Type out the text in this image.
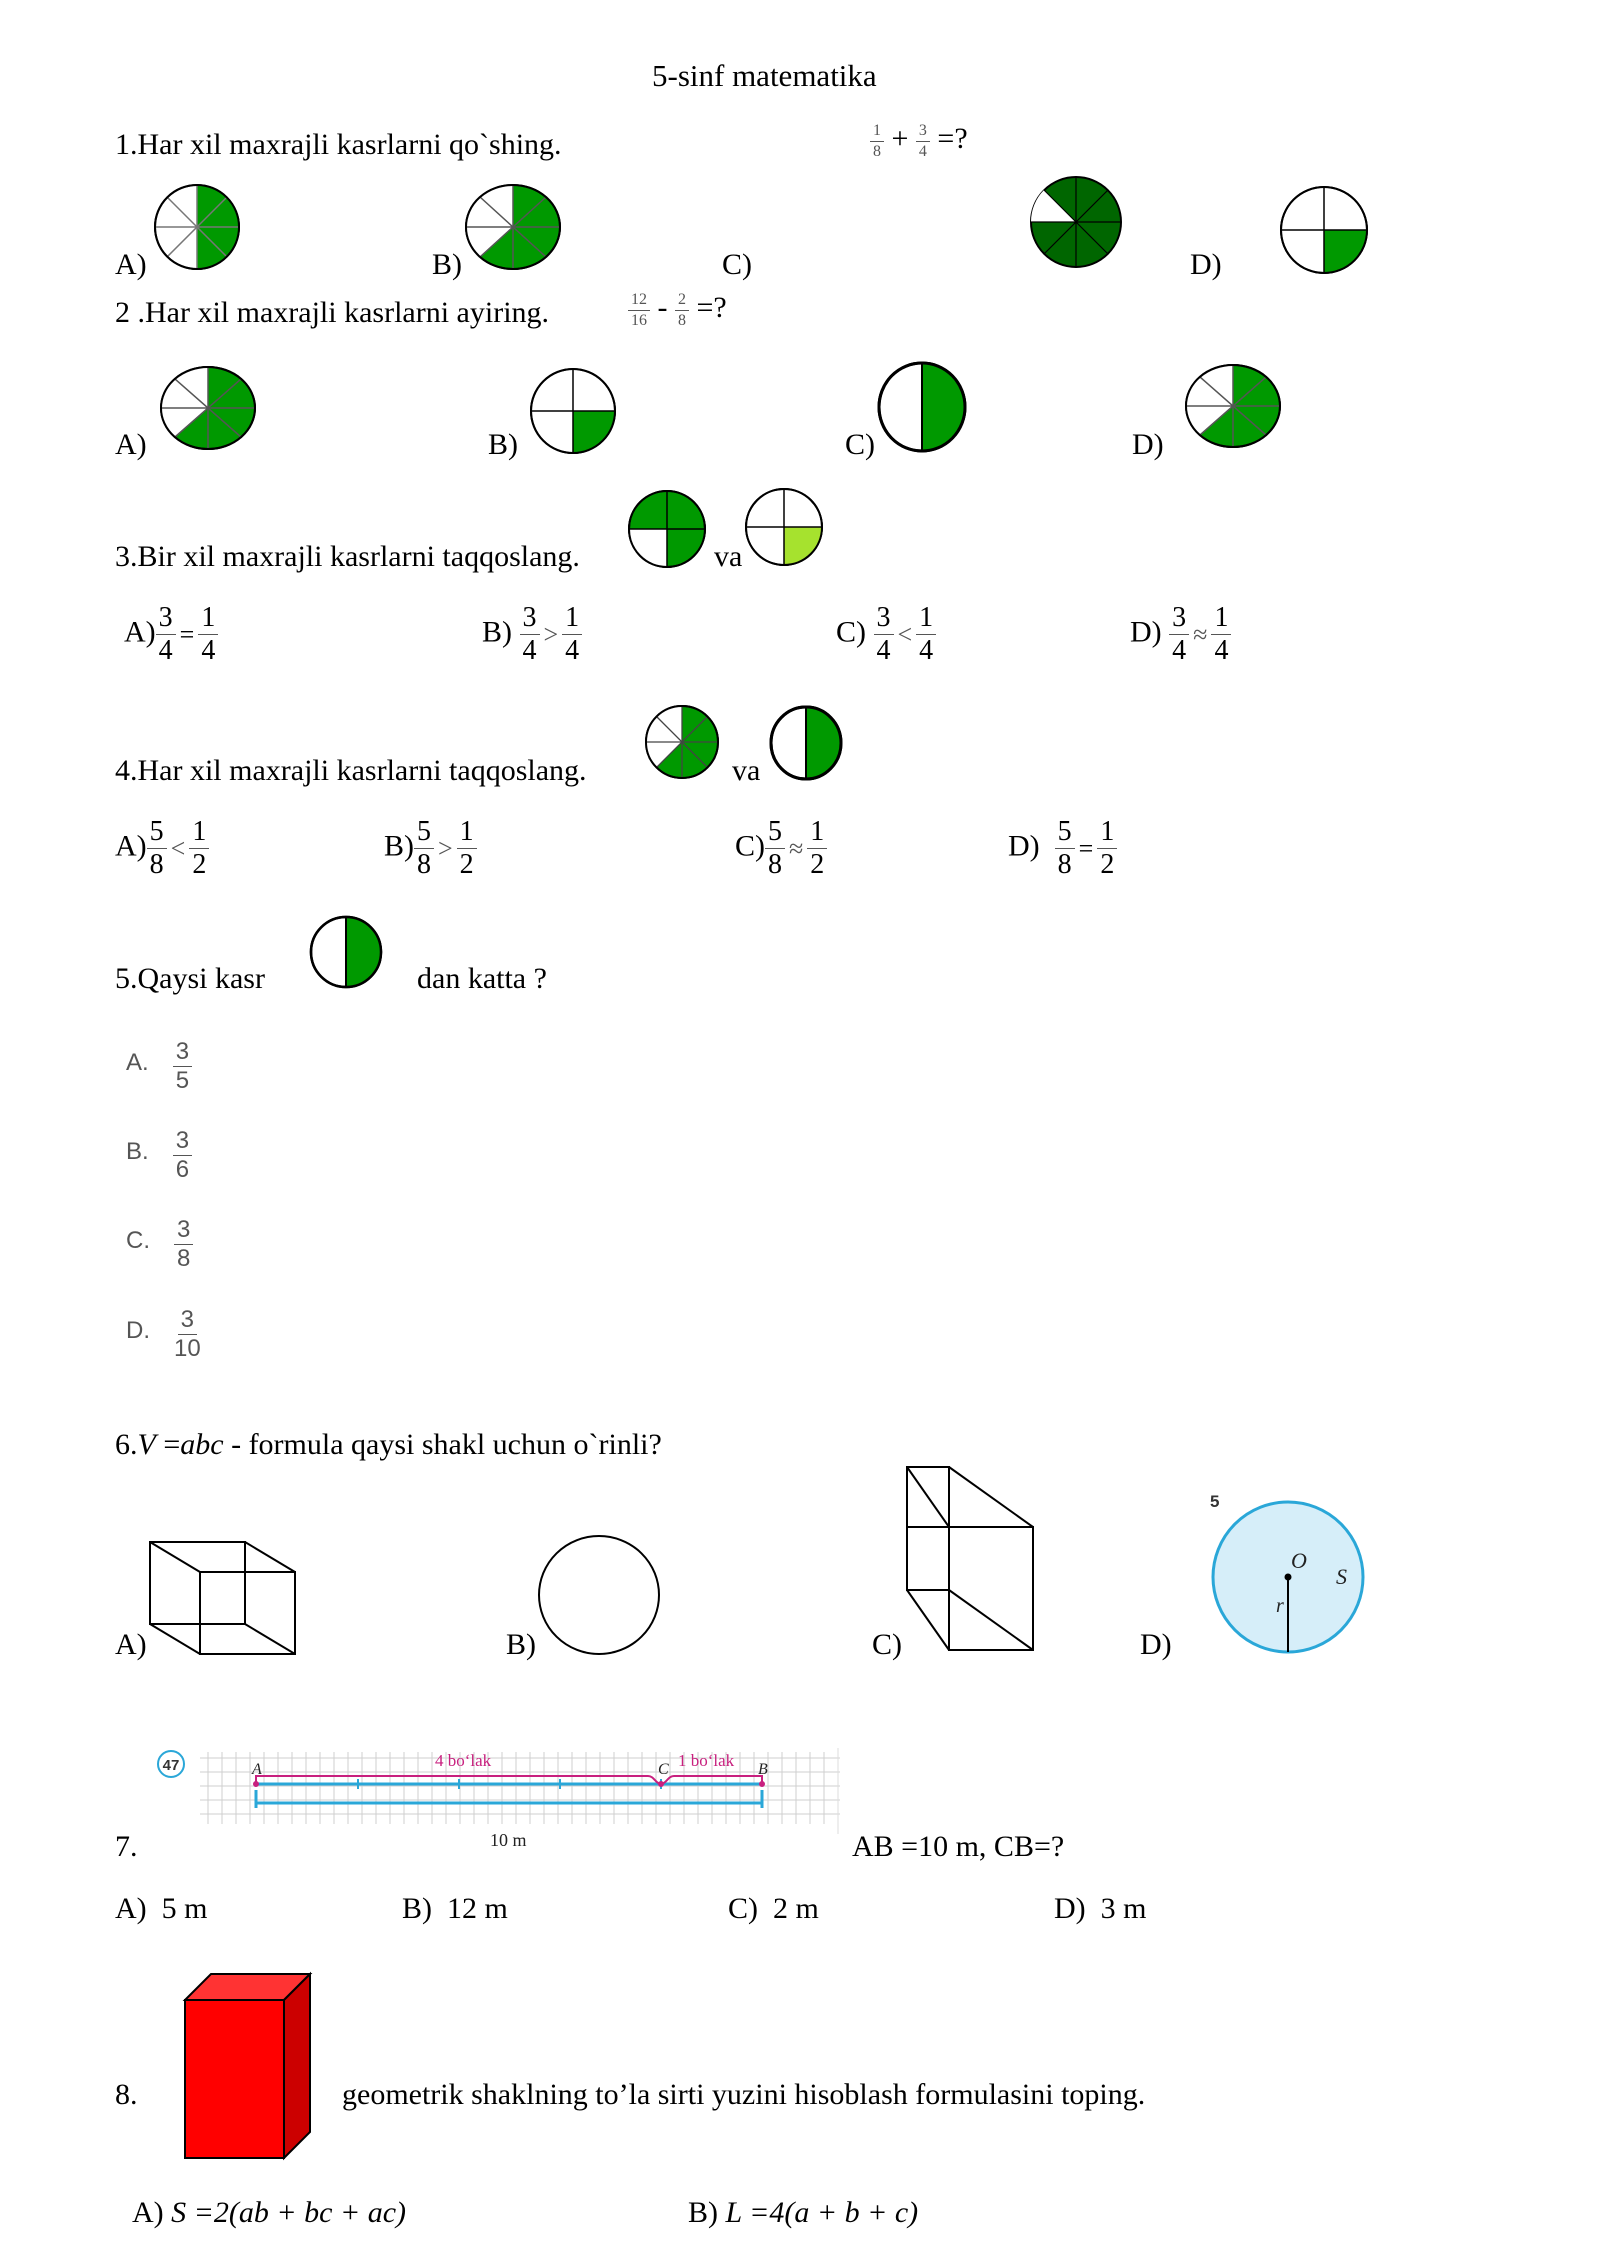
5-sinf matematika
1.Har xil maxrajli kasrlarni qo`shing.	$\frac{1}{8} + \frac{3}{4}$ =?
A)	B)	C)	D)
2 .Har xil maxrajli kasrlarni ayiring.	$\frac{12}{16} - \frac{2}{8}$ =?
A)	B)	C)	D)
3.Bir xil maxrajli kasrlarni taqqoslang.	va
$A) \frac{3}{4} = \frac{1}{4}$	$B) \frac{3}{4} > \frac{1}{4}$	$C) \frac{3}{4} < \frac{1}{4}$	$D) \frac{3}{4} \approx \frac{1}{4}$
4.Har xil maxrajli kasrlarni taqqoslang.	va
$A) \frac{5}{8} < \frac{1}{2}$	$B) \frac{5}{8} > \frac{1}{2}$	$C) \frac{5}{8} \approx \frac{1}{2}$	$D) \frac{5}{8} = \frac{1}{2}$
5.Qaysi kasr	dan katta ?
A. $\frac{3}{5}$
B. $\frac{3}{6}$
C. $\frac{3}{8}$
D. $\frac{3}{10}$
6.V =abc - formula qaysi shakl uchun o`rinli?
5
O
S
r
A)	B)	C)	D)
47	A	C	B
4 bo‘lak	1 bo‘lak
10 m
7.	AB =10 m, CB=?
A) 5 m	B) 12 m	C) 2 m	D) 3 m
8.	geometrik shaklning to’la sirti yuzini hisoblash formulasini toping.
A) S =2(ab + bc + ac)	B) L =4(a + b + c)
